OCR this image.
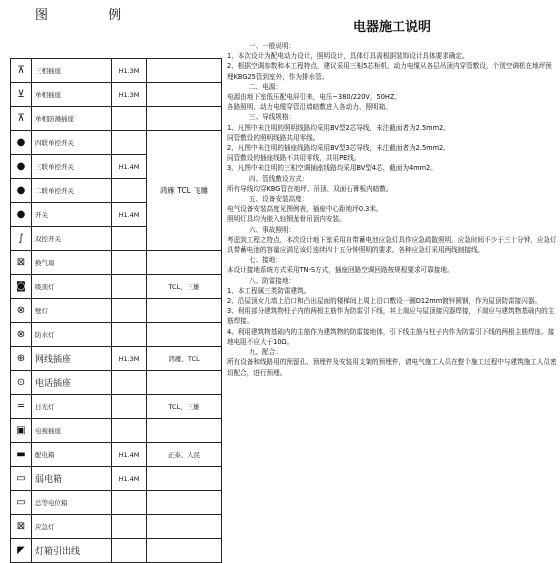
图 例
⊼	三相插座	H1.3M	
⊻	单相插座	H1.3M	
⊼	单相防溅插座		
●	四联单控开关		鸿雁 TCL 飞雕
●	三联单控开关	H1.4M	
●	二联单控开关		
●	开关	H1.4M	
∫	双控开关		
⊠	换气扇		
◙	吸顶灯		TCL、三雄
⊗	壁灯		
⊗	防水灯		
⊕	网线插座	H1.3M	鸿雁、TCL
⊙	电话插座		
═	日光灯		TCL、三雄
▣	电视插座		
▬	配电箱	H1.4M	正泰、人民
▭	弱电箱	H1.4M	
▭	总等电位箱		
⊠	应急灯		
◤	灯箱引出线		
电器施工说明

一、一般说明：

1、本次设计为配电动力设计，照明设计，具体灯具需根据装饰设计具体要求确定。

2、根据空调参数和本工程特点，建议采用三相5芯柜机，动力电缆从各层吊顶内穿管敷设，个别空调机在地坪预埋KBG25管到室外，作为排水管。

二、电源：

电源由地下室低压配电屏引来，电压~380/220V，50HZ。

各路照明、动力电缆穿管沿墙暗敷进入各动力、照明箱。

三、导线规格：

1、凡图中未注明的照明线路均采用BV型2芯导线，未注截面者为2.5mm2。

同管敷设的照明线路共用零线。

2、凡图中未注明的插座线路均采用BV型3芯导线，未注截面者为2.5mm2。

同管敷设的插座线路不共用零线，共用PE线。

3、凡图中未注明的三相空调插座线路均采用BV型4芯，截面为4mm2。

四、管线敷设方式：

所有导线均穿KBG管在地坪、吊顶、双面石膏板内暗敷。

五、设备安装高度：

电气设备安装高度见图例表，插座中心距地坪0.3米。

照明灯具均为嵌入轻钢龙骨吊顶内安装。

六、事故照明：

考虑到工程之特点，本次设计地下室采用自带蓄电池应急灯具作应急疏散照明，应急时间不少于三十分钟，应急灯具带蓄电池的容量应满足该灯连续四十五分钟照明的要求。各种应急灯采用两线制接线。

七、接地：

本设计接地系统方式采用TN-S方式，插座回路空调回路按规程要求可靠接地。

八、防雷接地：

1、本工程属三类防雷建筑。

2、沿屋顶女儿墙上沿口和凸出屋面的楼梯间上周上沿口敷设一圈D12mm镀锌圆钢，作为屋顶防雷接闪器。

3、利用部分建筑物柱子内的两根主筋作为防雷引下线，其上端应与屋顶接闪器焊接，下端应与建筑物基础内的主筋焊接。

4、利用建筑物基础内的主筋作为建筑物的防雷接地体，引下线主筋与柱子内作为防雷引下线的两根主筋焊连。接地电阻不应大于10Ω。

九、配合：

所有设备和线路用的预留孔、预埋件及安装用支架的预埋件，请电气施工人员在整个施工过程中与建筑施工人员密切配合，进行预埋。
